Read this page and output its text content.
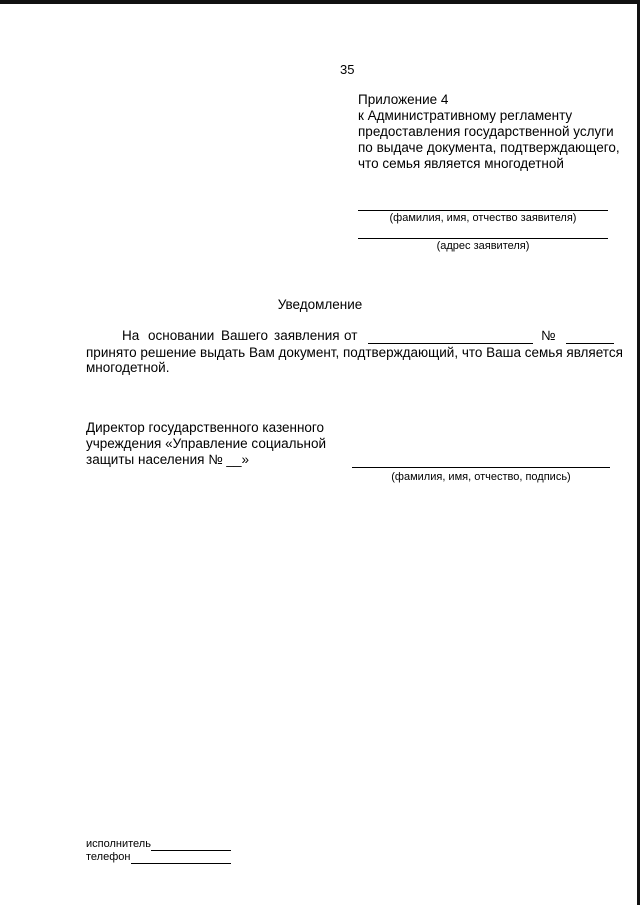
35
Приложение 4
к Административному регламенту
предоставления государственной услуги
по выдаче документа, подтверждающего,
что семья является многодетной
(фамилия, имя, отчество заявителя)
(адрес заявителя)
Уведомление
На основании Вашего заявления от	№
принято решение выдать Вам документ, подтверждающий, что Ваша семья является
многодетной.
Директор государственного казенного
учреждения «Управление социальной
защиты населения № __»
(фамилия, имя, отчество, подпись)
исполнитель
телефон
